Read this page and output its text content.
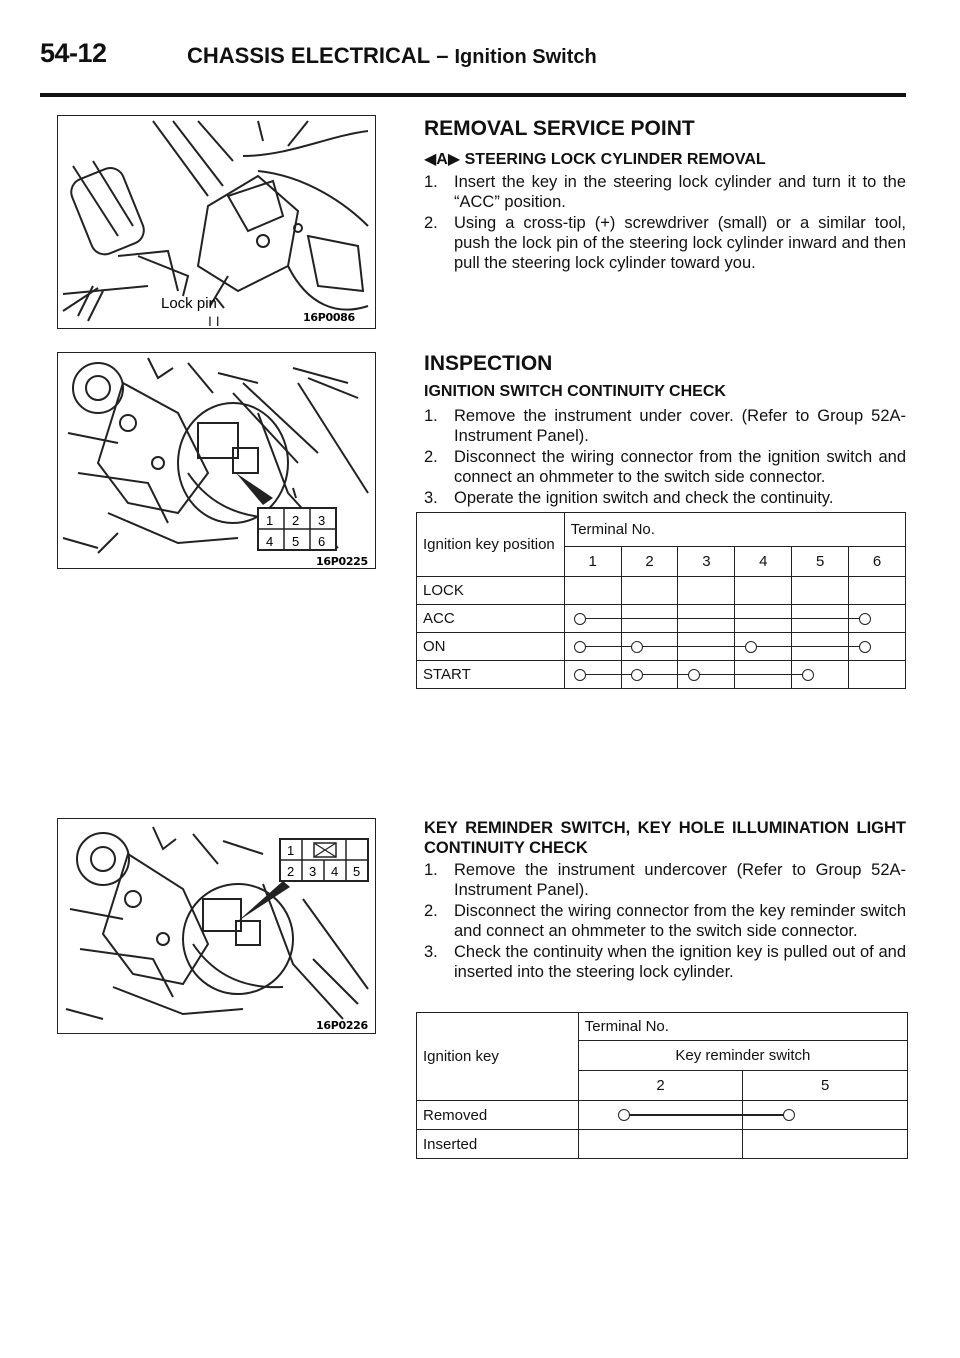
54-12	CHASSIS ELECTRICAL – Ignition Switch
Lock pin
I I	16P0086
1 2 3
4 5 6
16P0225
1
2 3 4 5
16P0226
REMOVAL SERVICE POINT
◀A▶ STEERING LOCK CYLINDER REMOVAL
1. Insert the key in the steering lock cylinder and turn it to the “ACC” position.
2. Using a cross-tip (+) screwdriver (small) or a similar tool, push the lock pin of the steering lock cylinder inward and then pull the steering lock cylinder toward you.
INSPECTION
IGNITION SWITCH CONTINUITY CHECK
1. Remove the instrument under cover. (Refer to Group 52A-Instrument Panel).
2. Disconnect the wiring connector from the ignition switch and connect an ohmmeter to the switch side connector.
3. Operate the ignition switch and check the continuity.
Ignition key position	Terminal No.					
	1	2	3	4	5	6
LOCK						
ACC						
ON						
START						
KEY REMINDER SWITCH, KEY HOLE ILLUMINATION LIGHT CONTINUITY CHECK
1. Remove the instrument undercover (Refer to Group 52A-Instrument Panel).
2. Disconnect the wiring connector from the key reminder switch and connect an ohmmeter to the switch side connector.
3. Check the continuity when the ignition key is pulled out of and inserted into the steering lock cylinder.
Ignition key	Terminal No.	
	Key reminder switch	
	2	5
Removed		
Inserted		
